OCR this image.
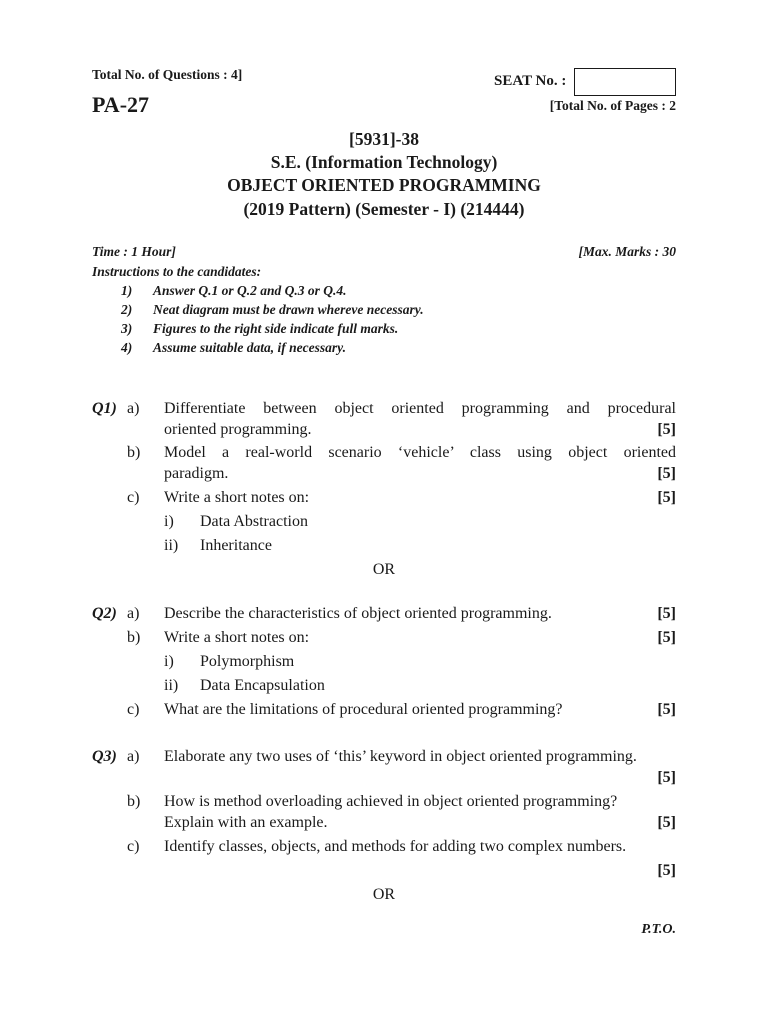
Total No. of Questions : 4]
PA-27
SEAT No. :
[Total No. of Pages : 2
[5931]-38
S.E. (Information Technology)
OBJECT ORIENTED PROGRAMMING
(2019 Pattern) (Semester - I) (214444)
Time : 1 Hour]	[Max. Marks : 30
Instructions to the candidates:
1) Answer Q.1 or Q.2 and Q.3 or Q.4.
2) Neat diagram must be drawn whereve necessary.
3) Figures to the right side indicate full marks.
4) Assume suitable data, if necessary.
Q1) a) Differentiate between object oriented programming and procedural
oriented programming.	[5]
b) Model a real-world scenario ‘vehicle’ class using object oriented
paradigm.	[5]
c) Write a short notes on:	[5]
i) Data Abstraction
ii) Inheritance
OR
Q2) a) Describe the characteristics of object oriented programming.	[5]
b) Write a short notes on:	[5]
i) Polymorphism
ii) Data Encapsulation
c) What are the limitations of procedural oriented programming?	[5]
Q3) a) Elaborate any two uses of ‘this’ keyword in object oriented programming.
[5]
b) How is method overloading achieved in object oriented programming?
Explain with an example.	[5]
c) Identify classes, objects, and methods for adding two complex numbers.
[5]
OR
P.T.O.
